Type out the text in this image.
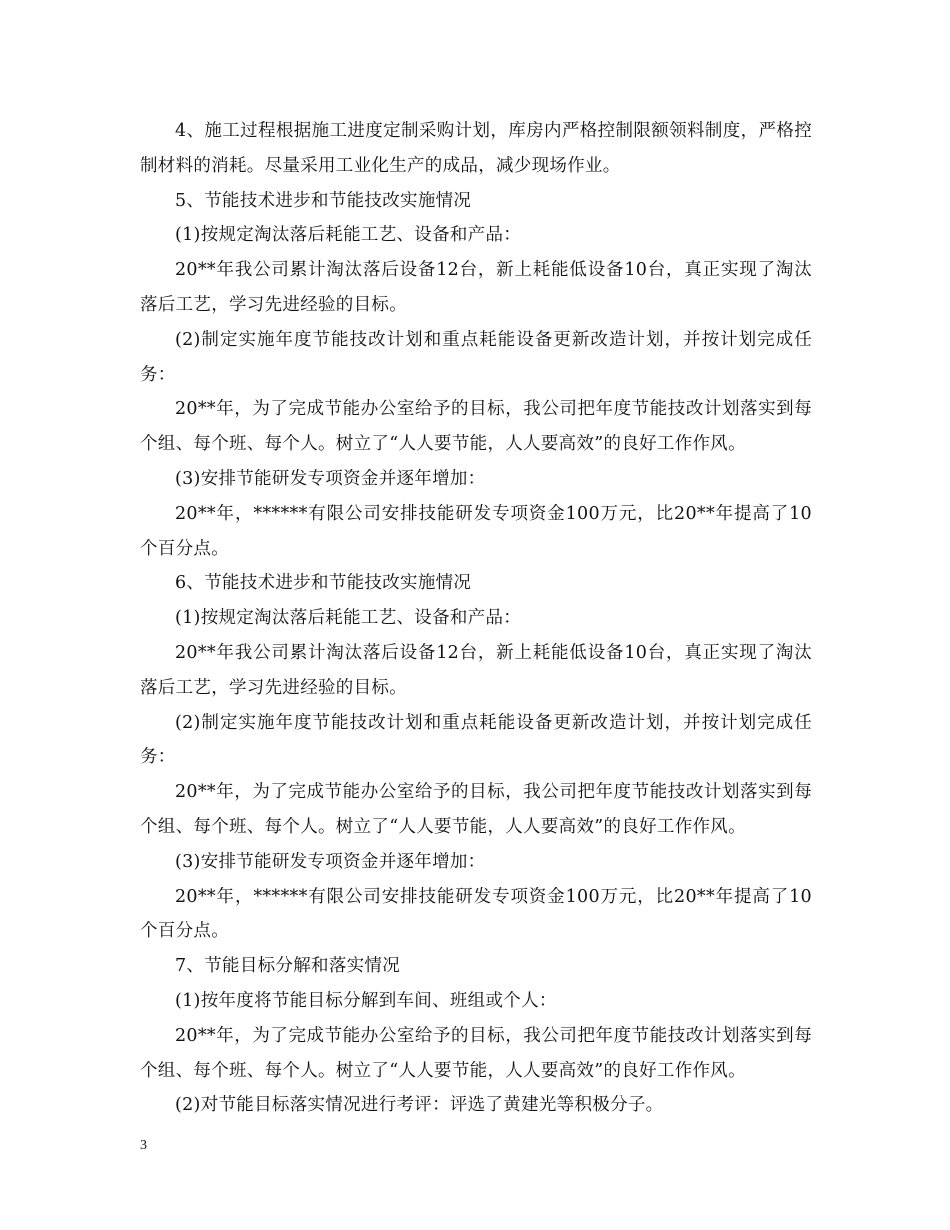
4、施工过程根据施工进度定制采购计划，库房内严格控制限额领料制度，严格控制材料的消耗。尽量采用工业化生产的成品，减少现场作业。

5、节能技术进步和节能技改实施情况

(1)按规定淘汰落后耗能工艺、设备和产品：

20**年我公司累计淘汰落后设备12台，新上耗能低设备10台，真正实现了淘汰落后工艺，学习先进经验的目标。

(2)制定实施年度节能技改计划和重点耗能设备更新改造计划，并按计划完成任务：

20**年，为了完成节能办公室给予的目标，我公司把年度节能技改计划落实到每个组、每个班、每个人。树立了“人人要节能，人人要高效”的良好工作作风。

(3)安排节能研发专项资金并逐年增加：

20**年，******有限公司安排技能研发专项资金100万元，比20**年提高了10个百分点。

6、节能技术进步和节能技改实施情况

(1)按规定淘汰落后耗能工艺、设备和产品：

20**年我公司累计淘汰落后设备12台，新上耗能低设备10台，真正实现了淘汰落后工艺，学习先进经验的目标。

(2)制定实施年度节能技改计划和重点耗能设备更新改造计划，并按计划完成任务：

20**年，为了完成节能办公室给予的目标，我公司把年度节能技改计划落实到每个组、每个班、每个人。树立了“人人要节能，人人要高效”的良好工作作风。

(3)安排节能研发专项资金并逐年增加：

20**年，******有限公司安排技能研发专项资金100万元，比20**年提高了10个百分点。

7、节能目标分解和落实情况

(1)按年度将节能目标分解到车间、班组或个人：

20**年，为了完成节能办公室给予的目标，我公司把年度节能技改计划落实到每个组、每个班、每个人。树立了“人人要节能，人人要高效”的良好工作作风。

(2)对节能目标落实情况进行考评：评选了黄建光等积极分子。

3
